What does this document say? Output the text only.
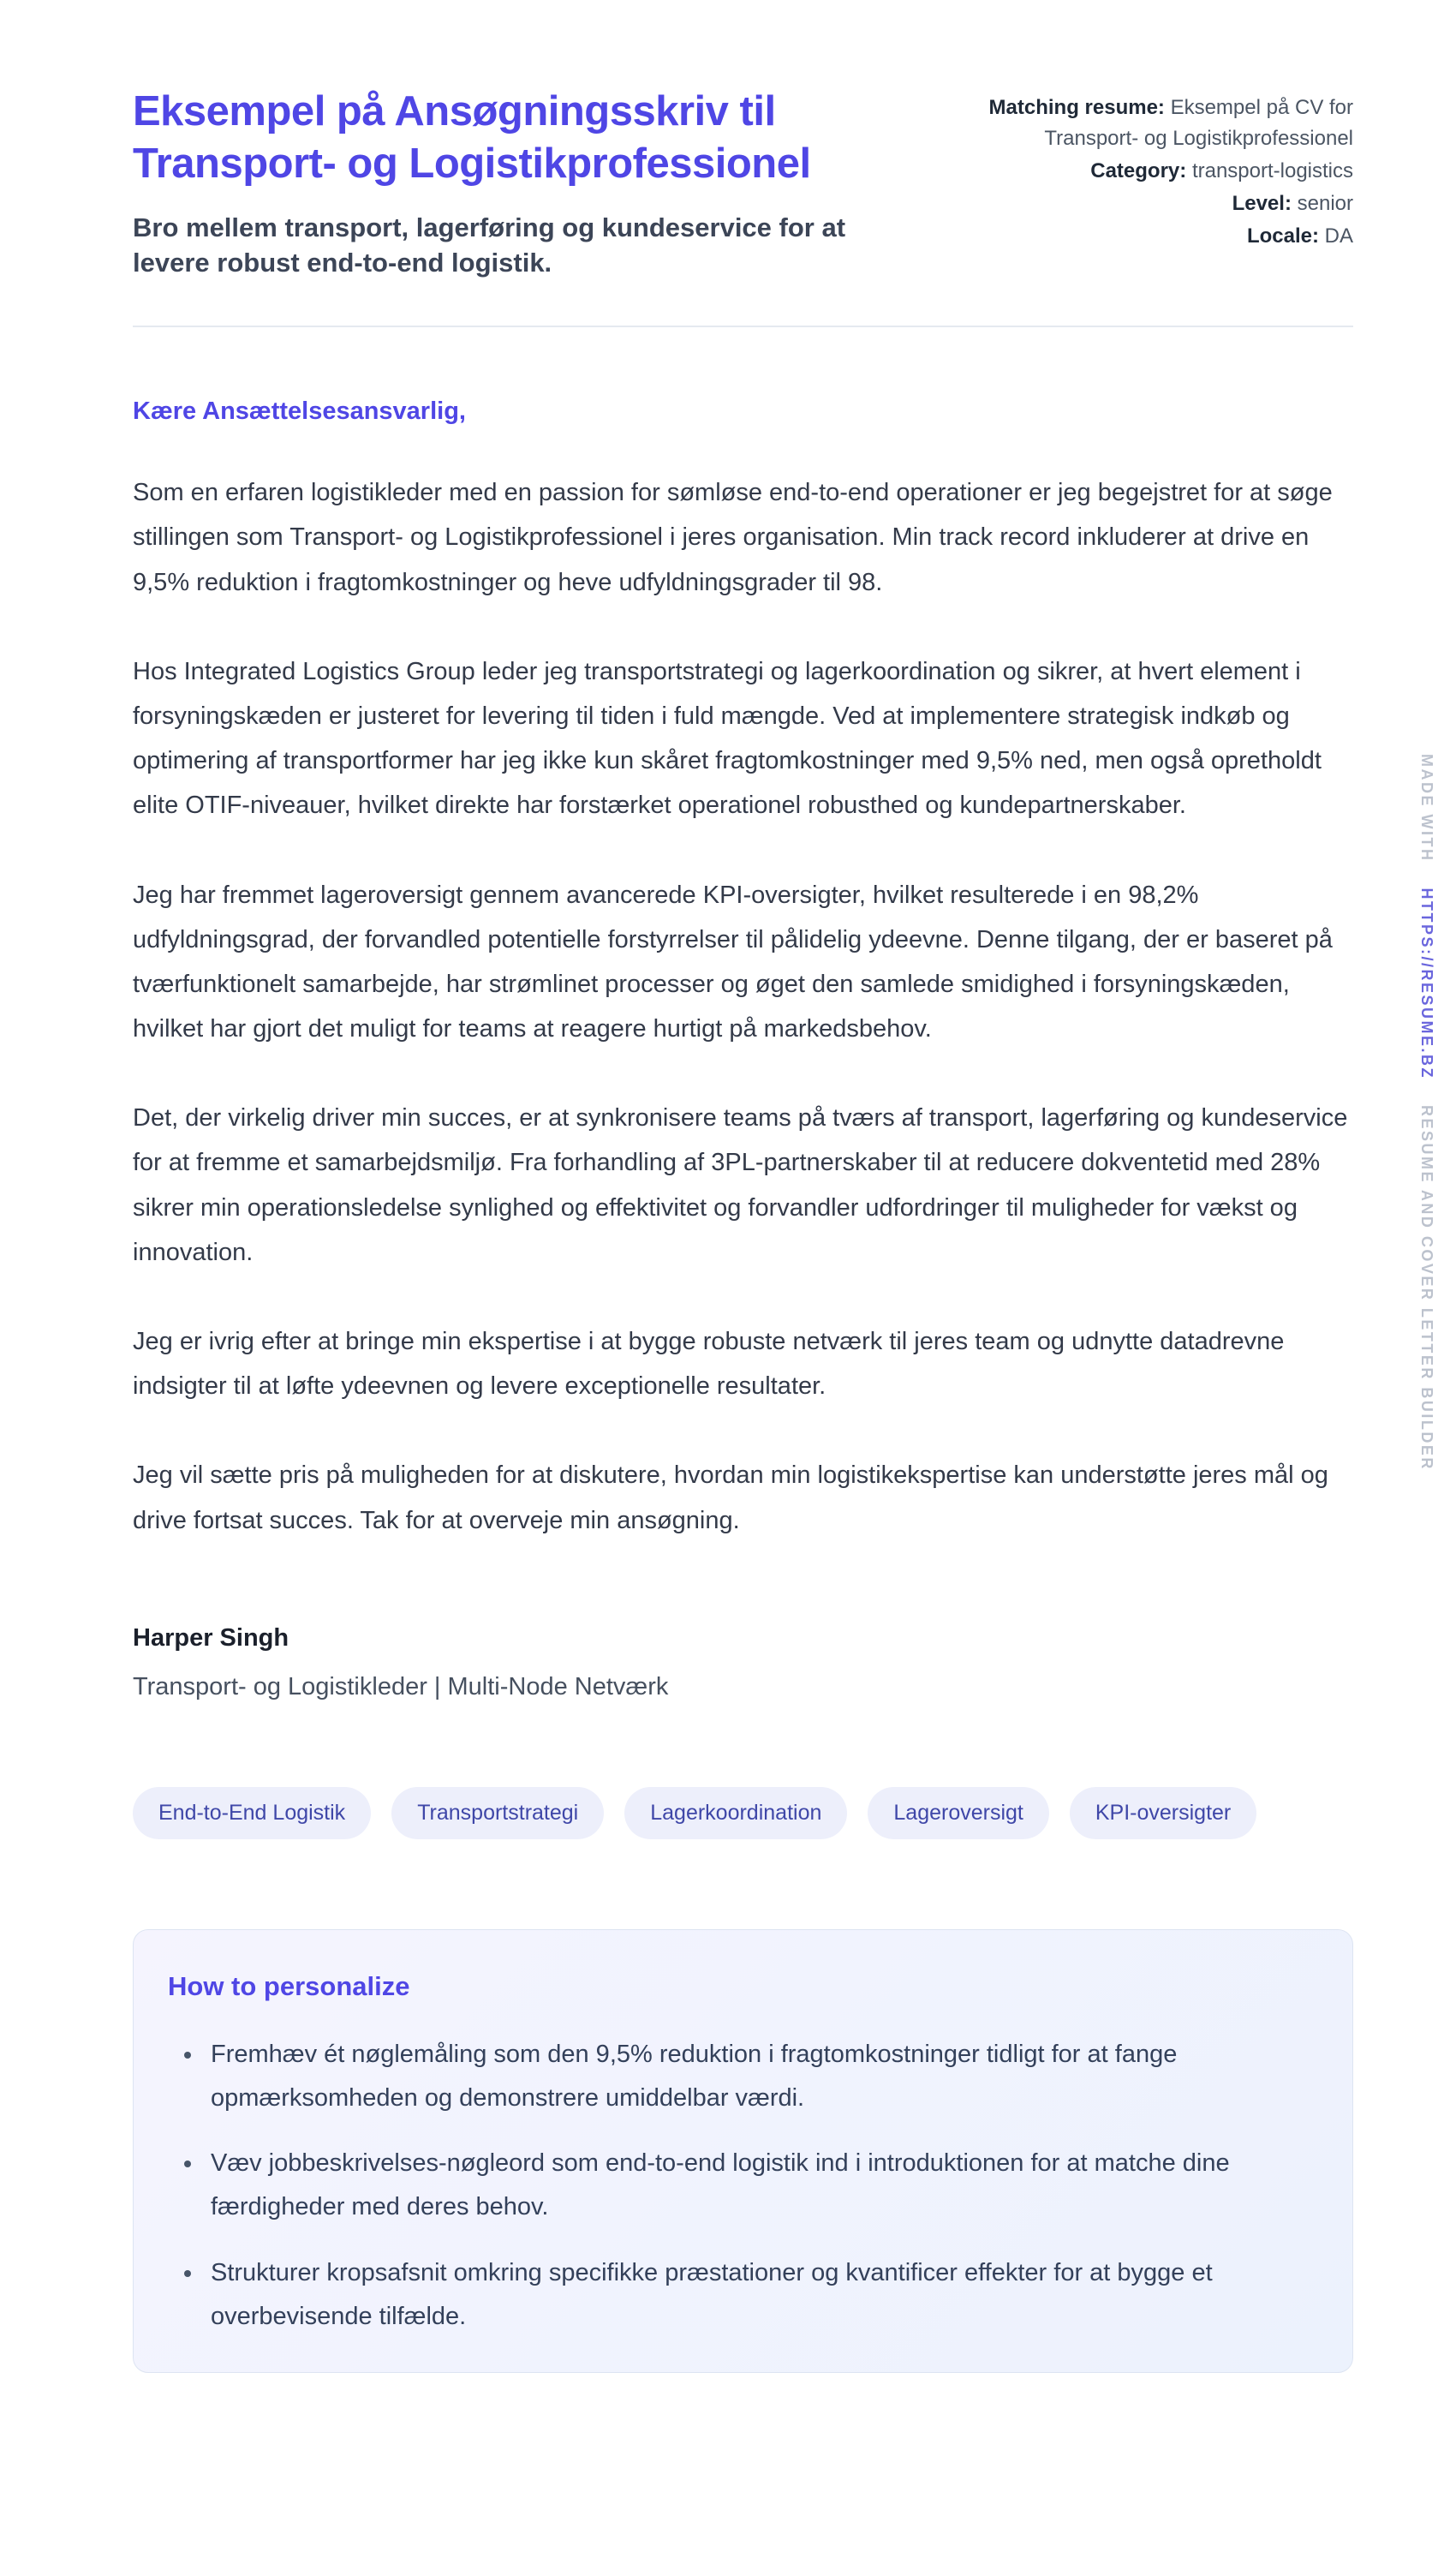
MADE WITHHTTPS://RESUME.BZRESUME AND COVER LETTER BUILDER
Eksempel på Ansøgningsskriv til Transport- og Logistikprofessionel

Bro mellem transport, lagerføring og kundeservice for at levere robust end-to-end logistik.

Matching resume: Eksempel på CV for Transport- og Logistikprofessionel
Category: transport-logistics
Level: senior
Locale: DA

Kære Ansættelsesansvarlig,

Som en erfaren logistikleder med en passion for sømløse end-to-end operationer er jeg begejstret for at søge stillingen som Transport- og Logistikprofessionel i jeres organisation. Min track record inkluderer at drive en 9,5% reduktion i fragtomkostninger og heve udfyldningsgrader til 98.

Hos Integrated Logistics Group leder jeg transportstrategi og lagerkoordination og sikrer, at hvert element i forsyningskæden er justeret for levering til tiden i fuld mængde. Ved at implementere strategisk indkøb og optimering af transportformer har jeg ikke kun skåret fragtomkostninger med 9,5% ned, men også opretholdt elite OTIF-niveauer, hvilket direkte har forstærket operationel robusthed og kundepartnerskaber.

Jeg har fremmet lageroversigt gennem avancerede KPI-oversigter, hvilket resulterede i en 98,2% udfyldningsgrad, der forvandled potentielle forstyrrelser til pålidelig ydeevne. Denne tilgang, der er baseret på tværfunktionelt samarbejde, har strømlinet processer og øget den samlede smidighed i forsyningskæden, hvilket har gjort det muligt for teams at reagere hurtigt på markedsbehov.

Det, der virkelig driver min succes, er at synkronisere teams på tværs af transport, lagerføring og kundeservice for at fremme et samarbejdsmiljø. Fra forhandling af 3PL-partnerskaber til at reducere dokventetid med 28% sikrer min operationsledelse synlighed og effektivitet og forvandler udfordringer til muligheder for vækst og innovation.

Jeg er ivrig efter at bringe min ekspertise i at bygge robuste netværk til jeres team og udnytte datadrevne indsigter til at løfte ydeevnen og levere exceptionelle resultater.

Jeg vil sætte pris på muligheden for at diskutere, hvordan min logistikekspertise kan understøtte jeres mål og drive fortsat succes. Tak for at overveje min ansøgning.

Harper Singh

Transport- og Logistikleder | Multi-Node Netværk

End-to-End Logistik	Transportstrategi	Lagerkoordination	Lageroversigt	KPI-oversigter
How to personalize
• Fremhæv ét nøglemåling som den 9,5% reduktion i fragtomkostninger tidligt for at fange opmærksomheden og demonstrere umiddelbar værdi.
• Væv jobbeskrivelses-nøgleord som end-to-end logistik ind i introduktionen for at matche dine færdigheder med deres behov.
• Strukturer kropsafsnit omkring specifikke præstationer og kvantificer effekter for at bygge et overbevisende tilfælde.
